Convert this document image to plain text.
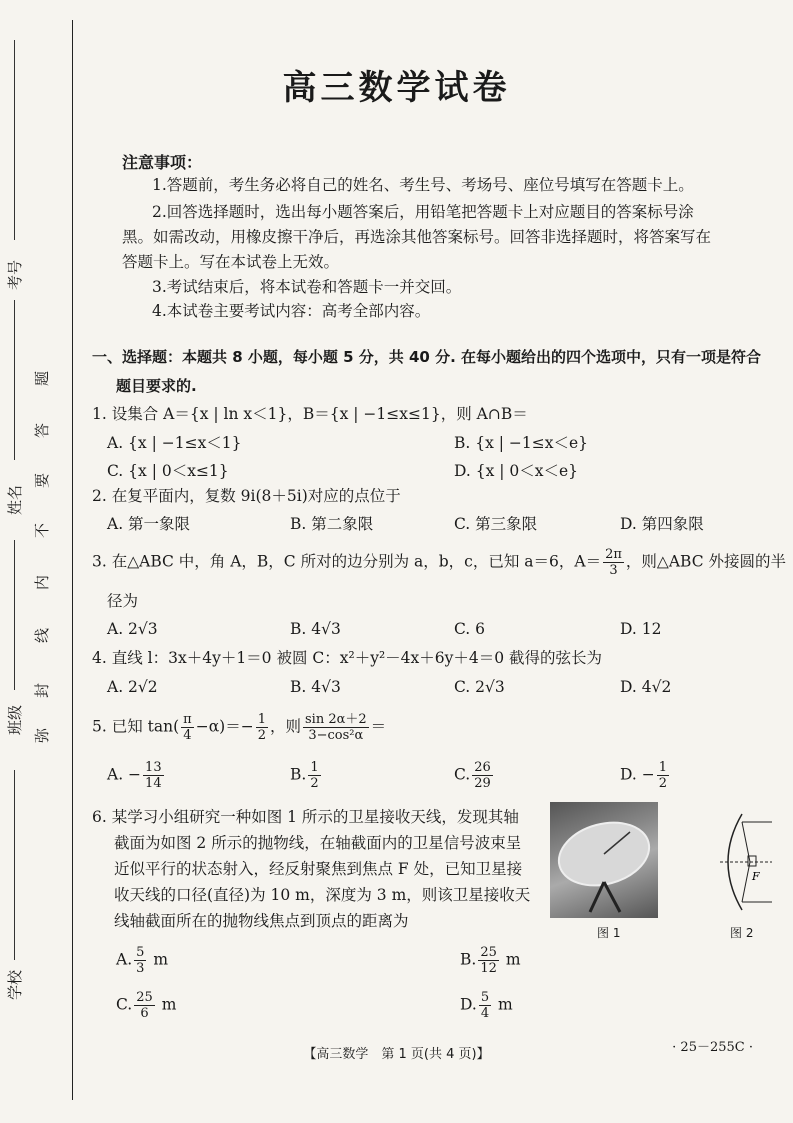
考号
姓名
班级
学校
弥
封
线
内
不
要
答
题
高三数学试卷
注意事项：
1.答题前，考生务必将自己的姓名、考生号、考场号、座位号填写在答题卡上。
2.回答选择题时，选出每小题答案后，用铅笔把答题卡上对应题目的答案标号涂
黑。如需改动，用橡皮擦干净后，再选涂其他答案标号。回答非选择题时，将答案写在
答题卡上。写在本试卷上无效。
3.考试结束后，将本试卷和答题卡一并交回。
4.本试卷主要考试内容：高考全部内容。
一、选择题：本题共 8 小题，每小题 5 分，共 40 分. 在每小题给出的四个选项中，只有一项是符合
题目要求的.
1. 设集合 A＝{x | ln x＜1}，B＝{x | −1≤x≤1}，则 A∩B＝
A. {x | −1≤x＜1}	B. {x | −1≤x＜e}
C. {x | 0＜x≤1}	D. {x | 0＜x＜e}
2. 在复平面内，复数 9i(8＋5i)对应的点位于
A. 第一象限	B. 第二象限	C. 第三象限	D. 第四象限
3. 在△ABC 中，角 A，B，C 所对的边分别为 a，b，c，已知 a＝6，$A= \frac{2\pi}{3}$ ，则△ABC 外接圆的半
径为
A. 2√3	B. 4√3	C. 6	D. 12
4. 直线 l：3x＋4y＋1＝0 被圆 C：x²＋y²－4x＋6y＋4＝0 截得的弦长为
A. 2√2	B. 4√3	C. 2√3	D. 4√2
5. 已知 $\tan( \frac{\pi}{4} -\alpha)=- \frac{1}{2}$ ，则 $\frac{\sin 2\alpha+2}{\text{3−cos²α}}$ ＝
A. − $\frac{13}{14}$	B. $\frac{1}{2}$	C. $\frac{26}{29}$	D. − $\frac{1}{2}$
6. 某学习小组研究一种如图 1 所示的卫星接收天线，发现其轴
截面为如图 2 所示的抛物线，在轴截面内的卫星信号波束呈
近似平行的状态射入，经反射聚焦到焦点 F 处，已知卫星接
收天线的口径(直径)为 10 m，深度为 3 m，则该卫星接收天
线轴截面所在的抛物线焦点到顶点的距离为
图 1
F
图 2
A. $\frac{5}{3}$ m	B. $\frac{25}{12}$ m
C. $\frac{25}{6}$ m	D. $\frac{5}{4}$ m
【高三数学　第 1 页(共 4 页)】	· 25－255C ·
